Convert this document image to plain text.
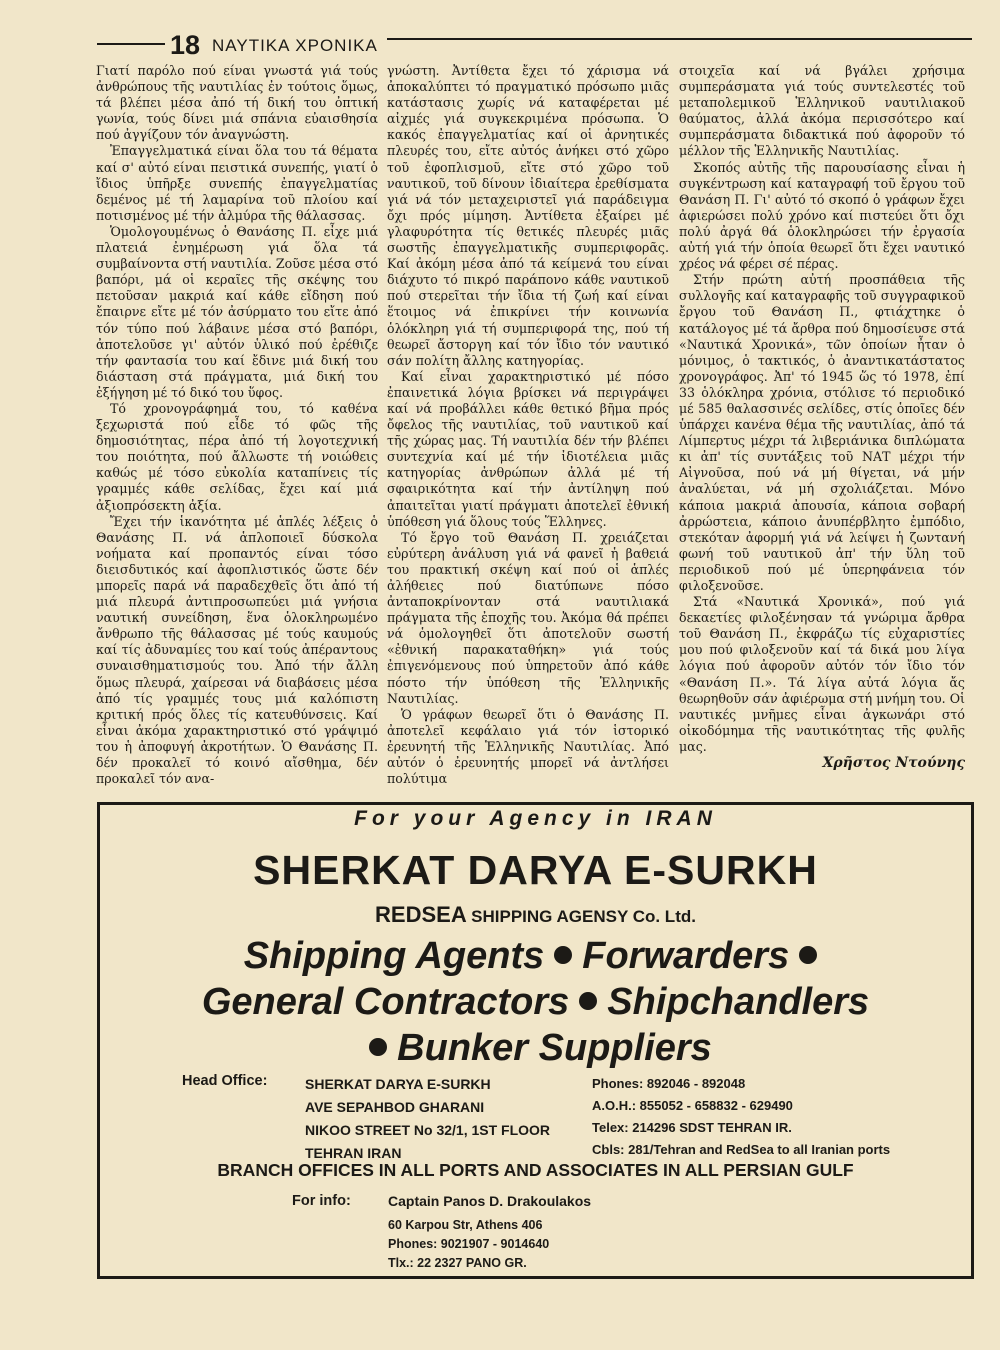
18 ΝΑΥΤΙΚΑ ΧΡΟΝΙΚΑ

Γιατί παρόλο πού είναι γνωστά γιά τούς ἀνθρώπους τῆς ναυτιλίας ἐν τούτοις ὅμως, τά βλέπει μέσα ἀπό τή δική του ὀπτική γωνία, τούς δίνει μιά σπάνια εὐαισθησία πού ἀγγίζουν τόν ἀναγνώστη.

Ἐπαγγελματικά είναι ὅλα του τά θέματα καί σ' αὐτό είναι πειστικά συνεπής, γιατί ὁ ἴδιος ὑπῆρξε συνεπής ἐπαγγελματίας δεμένος μέ τή λαμαρίνα τοῦ πλοίου καί ποτισμένος μέ τήν ἁλμύρα τῆς θάλασσας.

Ὁμολογουμένως ὁ Θανάσης Π. εἶχε μιά πλατειά ἐνημέρωση γιά ὅλα τά συμβαίνοντα στή ναυτιλία. Ζοῦσε μέσα στό βαπόρι, μά οἱ κεραῖες τῆς σκέψης του πετοῦσαν μακριά καί κάθε εἴδηση πού ἔπαιρνε εἴτε μέ τόν ἀσύρματο του εἴτε ἀπό τόν τύπο πού λάβαινε μέσα στό βαπόρι, ἀποτελοῦσε γι' αὐτόν ὑλικό πού ἐρέθιζε τήν φαντασία του καί ἔδινε μιά δική του διάσταση στά πράγματα, μιά δική του ἐξήγηση μέ τό δικό του ὕφος.

Τό χρονογράφημά του, τό καθένα ξεχωριστά πού εἶδε τό φῶς τῆς δημοσιότητας, πέρα ἀπό τή λογοτεχνική του ποιότητα, πού ἄλλωστε τή νοιώθεις καθώς μέ τόσο εὐκολία καταπίνεις τίς γραμμές κάθε σελίδας, ἔχει καί μιά ἀξιοπρόσεκτη ἀξία.

Ἔχει τήν ἱκανότητα μέ ἁπλές λέξεις ὁ Θανάσης Π. νά ἁπλοποιεῖ δύσκολα νοήματα καί προπαντός είναι τόσο διεισδυτικός καί ἀφοπλιστικός ὥστε δέν μπορεῖς παρά νά παραδεχθεῖς ὅτι ἀπό τή μιά πλευρά ἀντιπροσωπεύει μιά γνήσια ναυτική συνείδηση, ἕνα ὁλοκληρωμένο ἄνθρωπο τῆς θάλασσας μέ τούς καυμούς καί τίς ἀδυναμίες του καί τούς ἀπέραντους συναισθηματισμούς του. Ἀπό τήν ἄλλη ὅμως πλευρά, χαίρεσαι νά διαβάσεις μέσα ἀπό τίς γραμμές τους μιά καλόπιστη κριτική πρός ὅλες τίς κατευθύνσεις. Καί εἶναι ἀκόμα χαρακτηριστικό στό γράψιμό του ἡ ἀποφυγή ἀκροτήτων. Ὁ Θανάσης Π. δέν προκαλεῖ τό κοινό αἴσθημα, δέν προκαλεῖ τόν ανα-

γνώστη. Ἀντίθετα ἔχει τό χάρισμα νά ἀποκαλύπτει τό πραγματικό πρόσωπο μιᾶς κατάστασις χωρίς νά καταφέρεται μέ αἰχμές γιά συγκεκριμένα πρόσωπα. Ὁ κακός ἐπαγγελματίας καί οἱ ἀρνητικές πλευρές του, εἴτε αὐτός ἀνήκει στό χῶρο τοῦ ἐφοπλισμοῦ, εἴτε στό χῶρο τοῦ ναυτικοῦ, τοῦ δίνουν ἰδιαίτερα ἐρεθίσματα γιά νά τόν μεταχειριστεῖ γιά παράδειγμα ὄχι πρός μίμηση. Ἀντίθετα ἐξαίρει μέ γλαφυρότητα τίς θετικές πλευρές μιᾶς σωστῆς ἐπαγγελματικῆς συμπεριφορᾶς. Καί ἀκόμη μέσα ἀπό τά κείμενά του είναι διάχυτο τό πικρό παράπονο κάθε ναυτικοῦ πού στερεῖται τήν ἴδια τή ζωή καί είναι ἕτοιμος νά ἐπικρίνει τήν κοινωνία ὁλόκληρη γιά τή συμπεριφορά της, πού τή θεωρεῖ ἄστοργη καί τόν ἴδιο τόν ναυτικό σάν πολίτη ἄλλης κατηγορίας.

Καί εἶναι χαρακτηριστικό μέ πόσο ἐπαινετικά λόγια βρίσκει νά περιγράψει καί νά προβάλλει κάθε θετικό βῆμα πρός ὄφελος τῆς ναυτιλίας, τοῦ ναυτικοῦ καί τῆς χώρας μας. Τή ναυτιλία δέν τήν βλέπει συντεχνία καί μέ τήν ἰδιοτέλεια μιᾶς κατηγορίας ἀνθρώπων ἀλλά μέ τή σφαιρικότητα καί τήν ἀντίληψη πού ἀπαιτεῖται γιατί πράγματι ἀποτελεῖ ἐθνική ὑπόθεση γιά ὅλους τούς Ἕλληνες.

Τό ἔργο τοῦ Θανάση Π. χρειάζεται εὐρύτερη ἀνάλυση γιά νά φανεῖ ἡ βαθειά του πρακτική σκέψη καί πού οἱ ἁπλές ἀλήθειες πού διατύπωνε πόσο ἀνταποκρίνονταν στά ναυτιλιακά πράγματα τῆς ἐποχῆς του. Ἀκόμα θά πρέπει νά ὁμολογηθεῖ ὅτι ἀποτελοῦν σωστή «ἐθνική παρακαταθήκη» γιά τούς ἐπιγενόμενους πού ὑπηρετοῦν ἀπό κάθε πόστο τήν ὑπόθεση τῆς Ἑλληνικῆς Ναυτιλίας.

Ὁ γράφων θεωρεῖ ὅτι ὁ Θανάσης Π. ἀποτελεῖ κεφάλαιο γιά τόν ἱστορικό ἐρευνητή τῆς Ἑλληνικῆς Ναυτιλίας. Ἀπό αὐτόν ὁ ἐρευνητής μπορεῖ νά ἀντλήσει πολύτιμα

στοιχεῖα καί νά βγάλει χρήσιμα συμπεράσματα γιά τούς συντελεστές τοῦ μεταπολεμικοῦ Ἑλληνικοῦ ναυτιλιακοῦ θαύματος, ἀλλά ἀκόμα περισσότερο καί συμπεράσματα διδακτικά πού ἀφοροῦν τό μέλλον τῆς Ἑλληνικῆς Ναυτιλίας.

Σκοπός αὐτῆς τῆς παρουσίασης εἶναι ἡ συγκέντρωση καί καταγραφή τοῦ ἔργου τοῦ Θανάση Π. Γι' αὐτό τό σκοπό ὁ γράφων ἔχει ἀφιερώσει πολύ χρόνο καί πιστεύει ὅτι ὄχι πολύ ἀργά θά ὁλοκληρώσει τήν ἐργασία αὐτή γιά τήν ὁποία θεωρεῖ ὅτι ἔχει ναυτικό χρέος νά φέρει σέ πέρας.

Στήν πρώτη αὐτή προσπάθεια τῆς συλλογῆς καί καταγραφῆς τοῦ συγγραφικοῦ ἔργου τοῦ Θανάση Π., φτιάχτηκε ὁ κατάλογος μέ τά ἄρθρα πού δημοσίευσε στά «Ναυτικά Χρονικά», τῶν ὁποίων ἦταν ὁ μόνιμος, ὁ τακτικός, ὁ ἀναντικατάστατος χρονογράφος. Ἀπ' τό 1945 ὥς τό 1978, ἐπί 33 ὁλόκληρα χρόνια, στόλισε τό περιοδικό μέ 585 θαλασσινές σελίδες, στίς ὁποῖες δέν ὑπάρχει κανένα θέμα τῆς ναυτιλίας, ἀπό τά Λίμπερτυς μέχρι τά λιβεριάνικα διπλώματα κι ἀπ' τίς συντάξεις τοῦ ΝΑΤ μέχρι τήν Αἰγνοῦσα, πού νά μή θίγεται, νά μήν ἀναλύεται, νά μή σχολιάζεται. Μόνο κάποια μακριά ἀπουσία, κάποια σοβαρή ἀρρώστεια, κάποιο ἀνυπέρβλητο ἐμπόδιο, στεκόταν ἀφορμή γιά νά λείψει ἡ ζωντανή φωνή τοῦ ναυτικοῦ ἀπ' τήν ὕλη τοῦ περιοδικοῦ πού μέ ὑπερηφάνεια τόν φιλοξενοῦσε.

Στά «Ναυτικά Χρονικά», πού γιά δεκαετίες φιλοξένησαν τά γνώριμα ἄρθρα τοῦ Θανάση Π., ἐκφράζω τίς εὐχαριστίες μου πού φιλοξενοῦν καί τά δικά μου λίγα λόγια πού ἀφοροῦν αὐτόν τόν ἴδιο τόν «Θανάση Π.». Τά λίγα αὐτά λόγια ἄς θεωρηθοῦν σάν ἀφιέρωμα στή μνήμη του. Οἱ ναυτικές μνῆμες εἶναι ἀγκωνάρι στό οἰκοδόμημα τῆς ναυτικότητας τῆς φυλῆς μας.

Χρῆστος Ντούνης

For your Agency in IRAN
SHERKAT DARYA E-SURKH
REDSEA SHIPPING AGENSY Co. Ltd.
Shipping Agents Forwarders
General Contractors Shipchandlers
Bunker Suppliers
Head Office:	SHERKAT DARYA E-SURKH
AVE SEPAHBOD GHARANI
NIKOO STREET No 32/1, 1ST FLOOR
TEHRAN IRAN
Phones: 892046 - 892048
A.O.H.: 855052 - 658832 - 629490
Telex: 214296 SDST TEHRAN IR.
Cbls: 281/Tehran and RedSea to all Iranian ports
BRANCH OFFICES IN ALL PORTS AND ASSOCIATES IN ALL PERSIAN GULF
For info:	Captain Panos D. Drakoulakos
60 Karpou Str, Athens 406
Phones: 9021907 - 9014640
Tlx.: 22 2327 PANO GR.
